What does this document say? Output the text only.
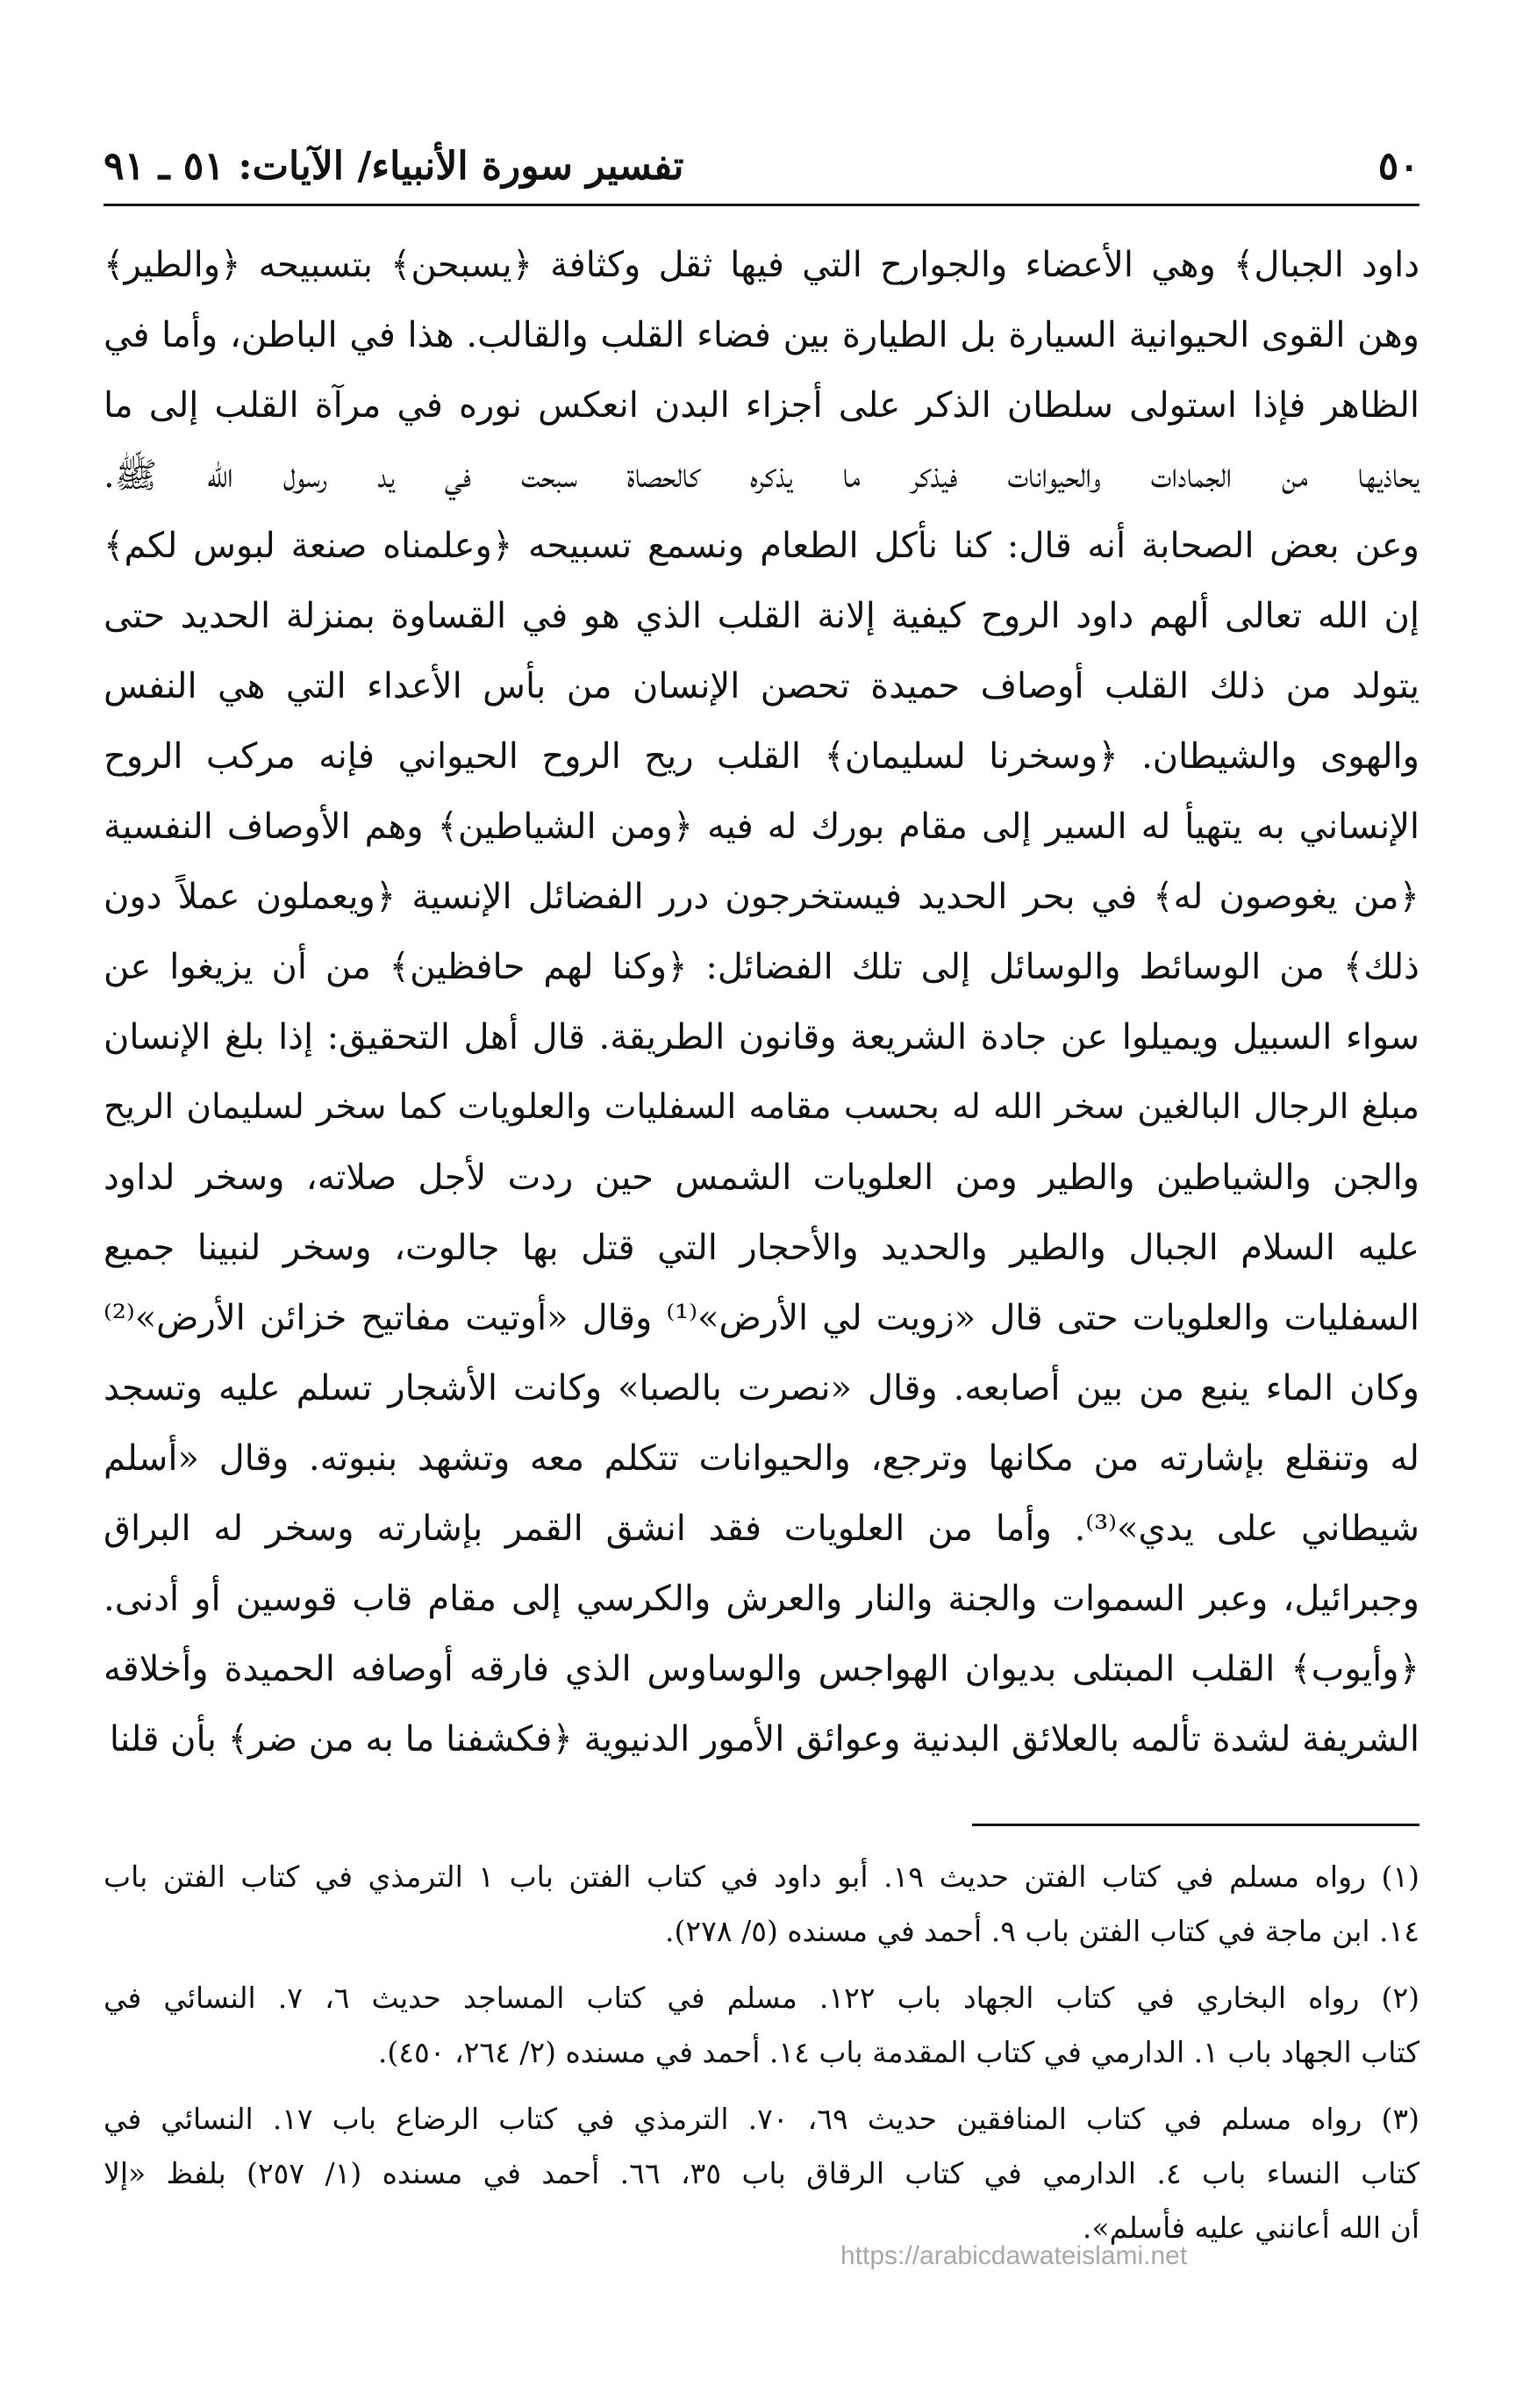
٥٠
تفسير سورة الأنبياء/ الآيات: ٥١ ـ ٩١
داود الجبال﴾ وهي الأعضاء والجوارح التي فيها ثقل وكثافة ﴿يسبحن﴾ بتسبيحه ﴿والطير﴾
وهن القوى الحيوانية السيارة بل الطيارة بين فضاء القلب والقالب. هذا في الباطن، وأما في
الظاهر فإذا استولى سلطان الذكر على أجزاء البدن انعكس نوره في مرآة القلب إلى ما
يحاذيها من الجمادات والحيوانات فيذكر ما يذكره كالحصاة سبحت في يد رسول الله ﷺ.
وعن بعض الصحابة أنه قال: كنا نأكل الطعام ونسمع تسبيحه ﴿وعلمناه صنعة لبوس لكم﴾
إن الله تعالى ألهم داود الروح كيفية إلانة القلب الذي هو في القساوة بمنزلة الحديد حتى
يتولد من ذلك القلب أوصاف حميدة تحصن الإنسان من بأس الأعداء التي هي النفس
والهوى والشيطان. ﴿وسخرنا لسليمان﴾ القلب ريح الروح الحيواني فإنه مركب الروح
الإنساني به يتهيأ له السير إلى مقام بورك له فيه ﴿ومن الشياطين﴾ وهم الأوصاف النفسية
﴿من يغوصون له﴾ في بحر الحديد فيستخرجون درر الفضائل الإنسية ﴿ويعملون عملاً دون
ذلك﴾ من الوسائط والوسائل إلى تلك الفضائل: ﴿وكنا لهم حافظين﴾ من أن يزيغوا عن
سواء السبيل ويميلوا عن جادة الشريعة وقانون الطريقة. قال أهل التحقيق: إذا بلغ الإنسان
مبلغ الرجال البالغين سخر الله له بحسب مقامه السفليات والعلويات كما سخر لسليمان الريح
والجن والشياطين والطير ومن العلويات الشمس حين ردت لأجل صلاته، وسخر لداود
عليه السلام الجبال والطير والحديد والأحجار التي قتل بها جالوت، وسخر لنبينا جميع
السفليات والعلويات حتى قال «زويت لي الأرض»⁽¹⁾ وقال «أوتيت مفاتيح خزائن الأرض»⁽²⁾
وكان الماء ينبع من بين أصابعه. وقال «نصرت بالصبا» وكانت الأشجار تسلم عليه وتسجد
له وتنقلع بإشارته من مكانها وترجع، والحيوانات تتكلم معه وتشهد بنبوته. وقال «أسلم
شيطاني على يدي»⁽³⁾. وأما من العلويات فقد انشق القمر بإشارته وسخر له البراق
وجبرائيل، وعبر السموات والجنة والنار والعرش والكرسي إلى مقام قاب قوسين أو أدنى.
﴿وأيوب﴾ القلب المبتلى بديوان الهواجس والوساوس الذي فارقه أوصافه الحميدة وأخلاقه
الشريفة لشدة تألمه بالعلائق البدنية وعوائق الأمور الدنيوية ﴿فكشفنا ما به من ضر﴾ بأن قلنا
(١) رواه مسلم في كتاب الفتن حديث ١٩. أبو داود في كتاب الفتن باب ١ الترمذي في كتاب الفتن باب
١٤. ابن ماجة في كتاب الفتن باب ٩. أحمد في مسنده (٥/ ٢٧٨).
(٢) رواه البخاري في كتاب الجهاد باب ١٢٢. مسلم في كتاب المساجد حديث ٦، ٧. النسائي في
كتاب الجهاد باب ١. الدارمي في كتاب المقدمة باب ١٤. أحمد في مسنده (٢/ ٢٦٤، ٤٥٠).
(٣) رواه مسلم في كتاب المنافقين حديث ٦٩، ٧٠. الترمذي في كتاب الرضاع باب ١٧. النسائي في
كتاب النساء باب ٤. الدارمي في كتاب الرقاق باب ٣٥، ٦٦. أحمد في مسنده (١/ ٢٥٧) بلفظ «إلا
أن الله أعانني عليه فأسلم».
https://arabicdawateislami.net
